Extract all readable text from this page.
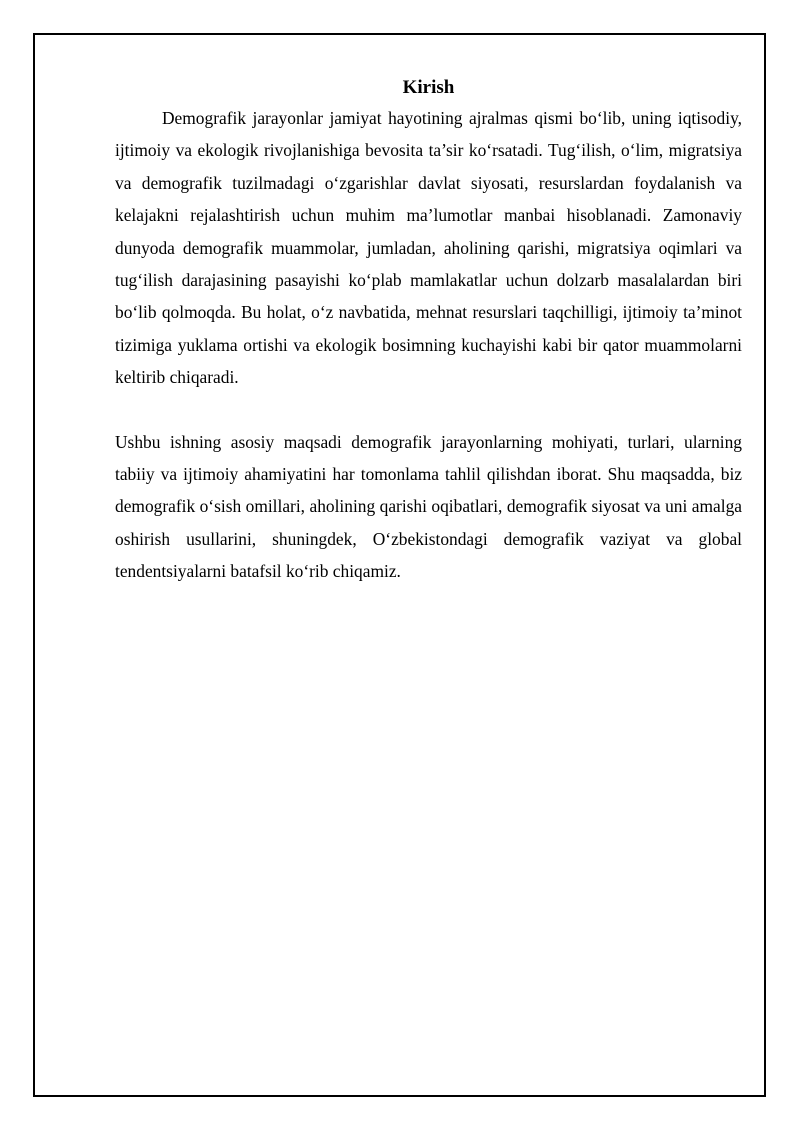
Kirish

Demografik jarayonlar jamiyat hayotining ajralmas qismi bo‘lib, uning iqtisodiy, ijtimoiy va ekologik rivojlanishiga bevosita ta’sir ko‘rsatadi. Tug‘ilish, o‘lim, migratsiya va demografik tuzilmadagi o‘zgarishlar davlat siyosati, resurslardan foydalanish va kelajakni rejalashtirish uchun muhim ma’lumotlar manbai hisoblanadi. Zamonaviy dunyoda demografik muammolar, jumladan, aholining qarishi, migratsiya oqimlari va tug‘ilish darajasining pasayishi ko‘plab mamlakatlar uchun dolzarb masalalardan biri bo‘lib qolmoqda. Bu holat, o‘z navbatida, mehnat resurslari taqchilligi, ijtimoiy ta’minot tizimiga yuklama ortishi va ekologik bosimning kuchayishi kabi bir qator muammolarni keltirib chiqaradi.

Ushbu ishning asosiy maqsadi demografik jarayonlarning mohiyati, turlari, ularning tabiiy va ijtimoiy ahamiyatini har tomonlama tahlil qilishdan iborat. Shu maqsadda, biz demografik o‘sish omillari, aholining qarishi oqibatlari, demografik siyosat va uni amalga oshirish usullarini, shuningdek, O‘zbekistondagi demografik vaziyat va global tendentsiyalarni batafsil ko‘rib chiqamiz.
